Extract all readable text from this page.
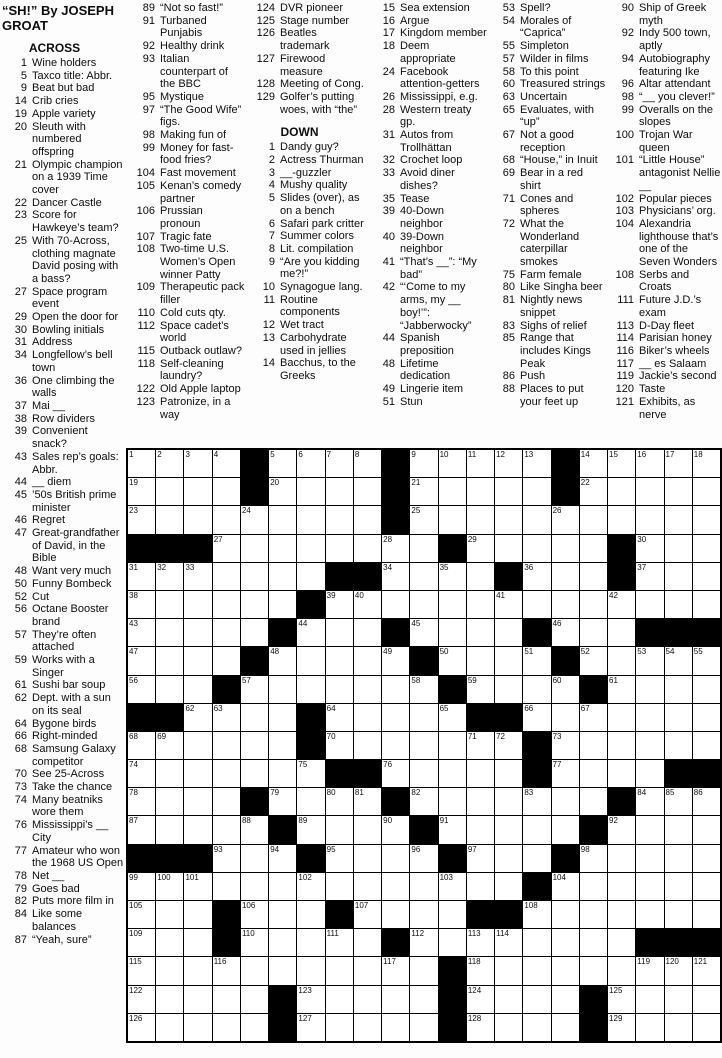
“SH!” By JOSEPH GROAT
ACROSS
1 Wine holders
5 Taxco title: Abbr.
9 Beat but bad
14 Crib cries
19 Apple variety
20 Sleuth with numbered offspring
21 Olympic champion on a 1939 Time cover
22 Dancer Castle
23 Score for Hawkeye’s team?
25 With 70-Across, clothing magnate David posing with a bass?
27 Space program event
29 Open the door for
30 Bowling initials
31 Address
34 Longfellow’s bell town
36 One climbing the walls
37 Mai __
38 Row dividers
39 Convenient snack?
43 Sales rep’s goals: Abbr.
44 __ diem
45 ’50s British prime minister
46 Regret
47 Great-grandfather of David, in the Bible
48 Want very much
50 Funny Bombeck
52 Cut
56 Octane Booster brand
57 They’re often attached
59 Works with a Singer
61 Sushi bar soup
62 Dept. with a sun on its seal
64 Bygone birds
66 Right-minded
68 Samsung Galaxy competitor
70 See 25-Across
73 Take the chance
74 Many beatniks wore them
76 Mississippi’s __ City
77 Amateur who won the 1968 US Open
78 Net __
79 Goes bad
82 Puts more film in
84 Like some balances
87 “Yeah, sure”
89 “Not so fast!”
91 Turbaned Punjabis
92 Healthy drink
93 Italian counterpart of the BBC
95 Mystique
97 “The Good Wife” figs.
98 Making fun of
99 Money for fast-food fries?
104 Fast movement
105 Kenan’s comedy partner
106 Prussian pronoun
107 Tragic fate
108 Two-time U.S. Women’s Open winner Patty
109 Therapeutic pack filler
110 Cold cuts qty.
112 Space cadet’s world
115 Outback outlaw?
118 Self-cleaning laundry?
122 Old Apple laptop
123 Patronize, in a way
124 DVR pioneer
125 Stage number
126 Beatles trademark
127 Firewood measure
128 Meeting of Cong.
129 Golfer’s putting woes, with “the”
DOWN
1 Dandy guy?
2 Actress Thurman
3 __-guzzler
4 Mushy quality
5 Slides (over), as on a bench
6 Safari park critter
7 Summer colors
8 Lit. compilation
9 “Are you kidding me?!”
10 Synagogue lang.
11 Routine components
12 Wet tract
13 Carbohydrate used in jellies
14 Bacchus, to the Greeks
15 Sea extension
16 Argue
17 Kingdom member
18 Deem appropriate
24 Facebook attention-getters
26 Mississippi, e.g.
28 Western treaty gp.
31 Autos from Trollhättan
32 Crochet loop
33 Avoid diner dishes?
35 Tease
39 40-Down neighbor
40 39-Down neighbor
41 “That’s __”: “My bad”
42 “‘Come to my arms, my __ boy!’”: “Jabberwocky”
44 Spanish preposition
48 Lifetime dedication
49 Lingerie item
51 Stun
53 Spell?
54 Morales of “Caprica”
55 Simpleton
57 Wilder in films
58 To this point
60 Treasured strings
63 Uncertain
65 Evaluates, with “up”
67 Not a good reception
68 “House,” in Inuit
69 Bear in a red shirt
71 Cones and spheres
72 What the Wonderland caterpillar smokes
75 Farm female
80 Like Singha beer
81 Nightly news snippet
83 Sighs of relief
85 Range that includes Kings Peak
86 Push
88 Places to put your feet up
90 Ship of Greek myth
92 Indy 500 town, aptly
94 Autobiography featuring Ike
96 Altar attendant
98 “__ you clever!”
99 Overalls on the slopes
100 Trojan War queen
101 “Little House” antagonist Nellie __
102 Popular pieces
103 Physicians’ org.
104 Alexandria lighthouse that’s one of the Seven Wonders
108 Serbs and Croats
111 Future J.D.’s exam
113 D-Day fleet
114 Parisian honey
116 Biker’s wheels
117 __ es Salaam
119 Jackie’s second
120 Taste
121 Exhibits, as nerve
1	2	3	4	5	6	7	8	9	10 11 12 13	14 15 16 17 18
19	20	21	22
23	24	25	26
27	28	29	30
31 32 33	34	35	36	37
38	39 40	41	42
43	44	45	46
47	48	49	50	51	52	53 54 55
56	57	58	59	60	61
62 63	64	65	66	67
68 69	70	71 72	73
74	75	76	77
78	79	80 81	82	83	84 85 86
87	88	89	90	91	92
93	94	95	96	97	98
99 100 101	102	103	104
105	106	107	108
109	110	111	112	113 114
115	116	117	118	119 120 121
122	123	124	125
126	127	128	129
